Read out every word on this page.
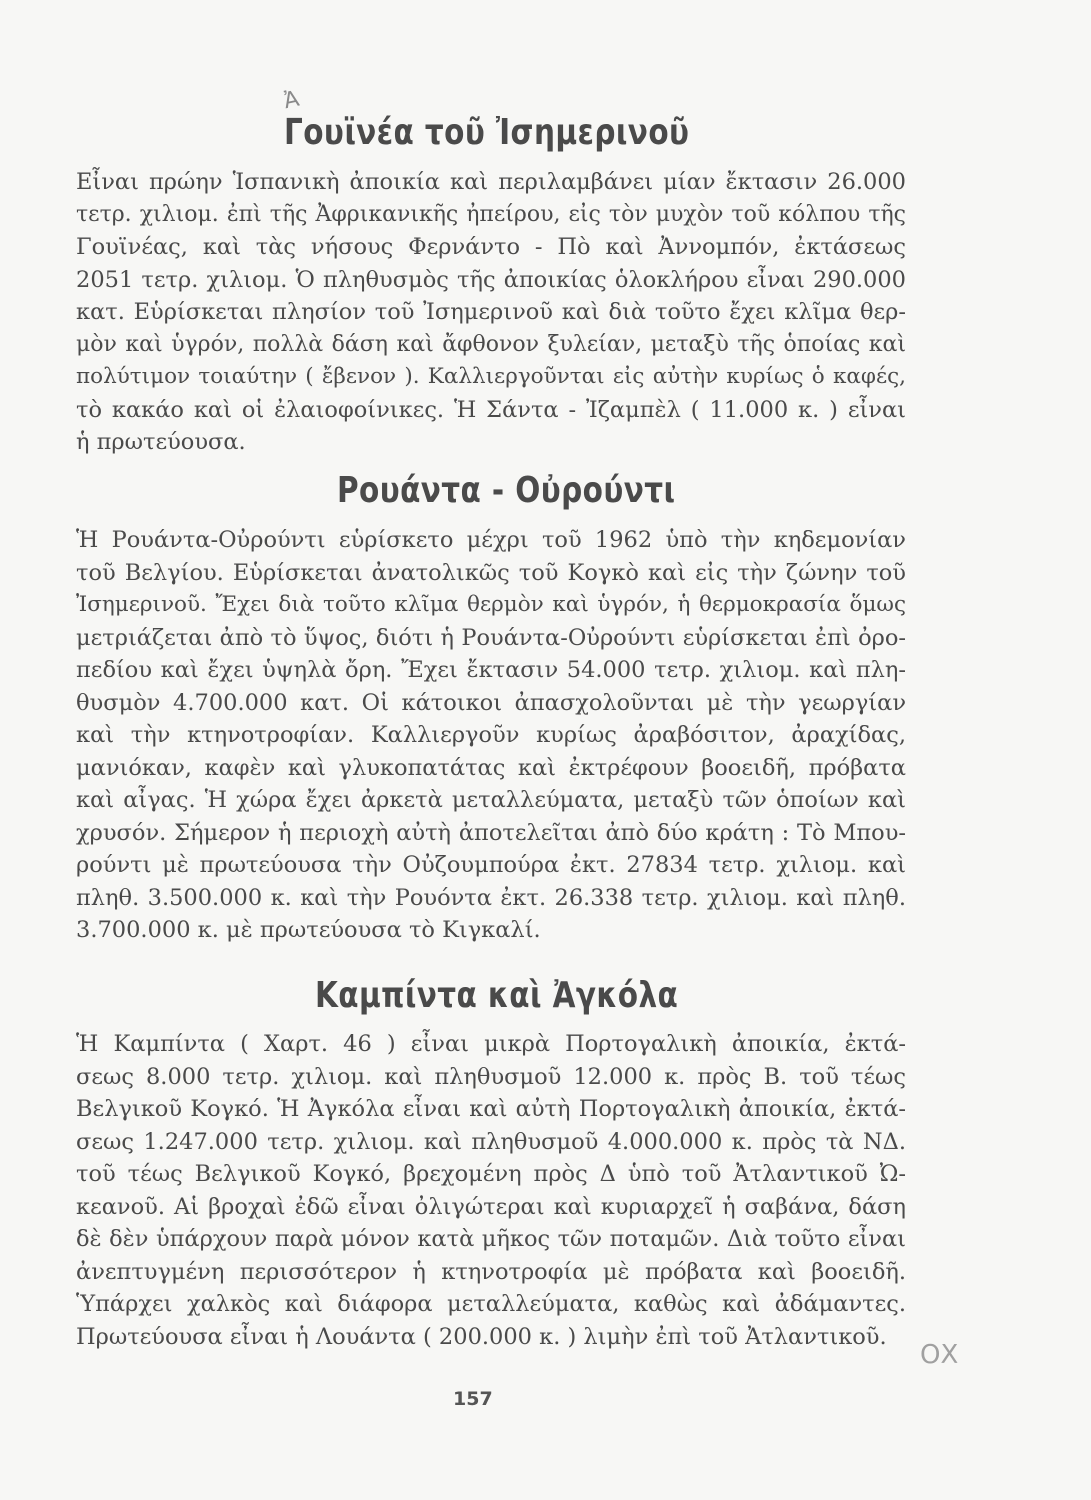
Ἀ
Γουϊνέα τοῦ Ἰσημερινοῦ
Εἶναι πρώην Ἱσπανικὴ ἀποικία καὶ περιλαμβάνει μίαν ἔκτασιν 26.000
τετρ. χιλιομ. ἐπὶ τῆς Ἀφρικανικῆς ἠπείρου, εἰς τὸν μυχὸν τοῦ κόλπου τῆς
Γουϊνέας, καὶ τὰς νήσους Φερνάντο - Πὸ καὶ Ἀννομπόν, ἐκτάσεως
2051 τετρ. χιλιομ. Ὁ πληθυσμὸς τῆς ἀποικίας ὁλοκλήρου εἶναι 290.000
κατ. Εὑρίσκεται πλησίον τοῦ Ἰσημερινοῦ καὶ διὰ τοῦτο ἔχει κλῖμα θερ-
μὸν καὶ ὑγρόν, πολλὰ δάση καὶ ἄφθονον ξυλείαν, μεταξὺ τῆς ὁποίας καὶ
πολύτιμον τοιαύτην ( ἔβενον ). Καλλιεργοῦνται εἰς αὐτὴν κυρίως ὁ καφές,
τὸ κακάο καὶ οἱ ἐλαιοφοίνικες. Ἡ Σάντα - Ἰζαμπὲλ ( 11.000 κ. ) εἶναι
ἡ πρωτεύουσα.
Ρουάντα - Οὐρούντι
Ἡ Ρουάντα-Οὐρούντι εὑρίσκετο μέχρι τοῦ 1962 ὑπὸ τὴν κηδεμονίαν
τοῦ Βελγίου. Εὑρίσκεται ἀνατολικῶς τοῦ Κογκὸ καὶ εἰς τὴν ζώνην τοῦ
Ἰσημερινοῦ. Ἔχει διὰ τοῦτο κλῖμα θερμὸν καὶ ὑγρόν, ἡ θερμοκρασία ὅμως
μετριάζεται ἀπὸ τὸ ὕψος, διότι ἡ Ρουάντα-Οὐρούντι εὑρίσκεται ἐπὶ ὀρο-
πεδίου καὶ ἔχει ὑψηλὰ ὄρη. Ἔχει ἔκτασιν 54.000 τετρ. χιλιομ. καὶ πλη-
θυσμὸν 4.700.000 κατ. Οἱ κάτοικοι ἀπασχολοῦνται μὲ τὴν γεωργίαν
καὶ τὴν κτηνοτροφίαν. Καλλιεργοῦν κυρίως ἀραβόσιτον, ἀραχίδας,
μανιόκαν, καφὲν καὶ γλυκοπατάτας καὶ ἐκτρέφουν βοοειδῆ, πρόβατα
καὶ αἶγας. Ἡ χώρα ἔχει ἀρκετὰ μεταλλεύματα, μεταξὺ τῶν ὁποίων καὶ
χρυσόν. Σήμερον ἡ περιοχὴ αὐτὴ ἀποτελεῖται ἀπὸ δύο κράτη : Τὸ Μπου-
ρούντι μὲ πρωτεύουσα τὴν Οὐζουμπούρα ἐκτ. 27834 τετρ. χιλιομ. καὶ
πληθ. 3.500.000 κ. καὶ τὴν Ρουόντα ἐκτ. 26.338 τετρ. χιλιομ. καὶ πληθ.
3.700.000 κ. μὲ πρωτεύουσα τὸ Κιγκαλί.
Καμπίντα καὶ Ἀγκόλα
Ἡ Καμπίντα ( Χαρτ. 46 ) εἶναι μικρὰ Πορτογαλικὴ ἀποικία, ἐκτά-
σεως 8.000 τετρ. χιλιομ. καὶ πληθυσμοῦ 12.000 κ. πρὸς Β. τοῦ τέως
Βελγικοῦ Κογκό. Ἡ Ἀγκόλα εἶναι καὶ αὐτὴ Πορτογαλικὴ ἀποικία, ἐκτά-
σεως 1.247.000 τετρ. χιλιομ. καὶ πληθυσμοῦ 4.000.000 κ. πρὸς τὰ ΝΔ.
τοῦ τέως Βελγικοῦ Κογκό, βρεχομένη πρὸς Δ ὑπὸ τοῦ Ἀτλαντικοῦ Ὠ-
κεανοῦ. Αἱ βροχαὶ ἐδῶ εἶναι ὀλιγώτεραι καὶ κυριαρχεῖ ἡ σαβάνα, δάση
δὲ δὲν ὑπάρχουν παρὰ μόνον κατὰ μῆκος τῶν ποταμῶν. Διὰ τοῦτο εἶναι
ἀνεπτυγμένη περισσότερον ἡ κτηνοτροφία μὲ πρόβατα καὶ βοοειδῆ.
Ὑπάρχει χαλκὸς καὶ διάφορα μεταλλεύματα, καθὼς καὶ ἀδάμαντες.
Πρωτεύουσα εἶναι ἡ Λουάντα ( 200.000 κ. ) λιμὴν ἐπὶ τοῦ Ἀτλαντικοῦ.
ΟΧ
157
